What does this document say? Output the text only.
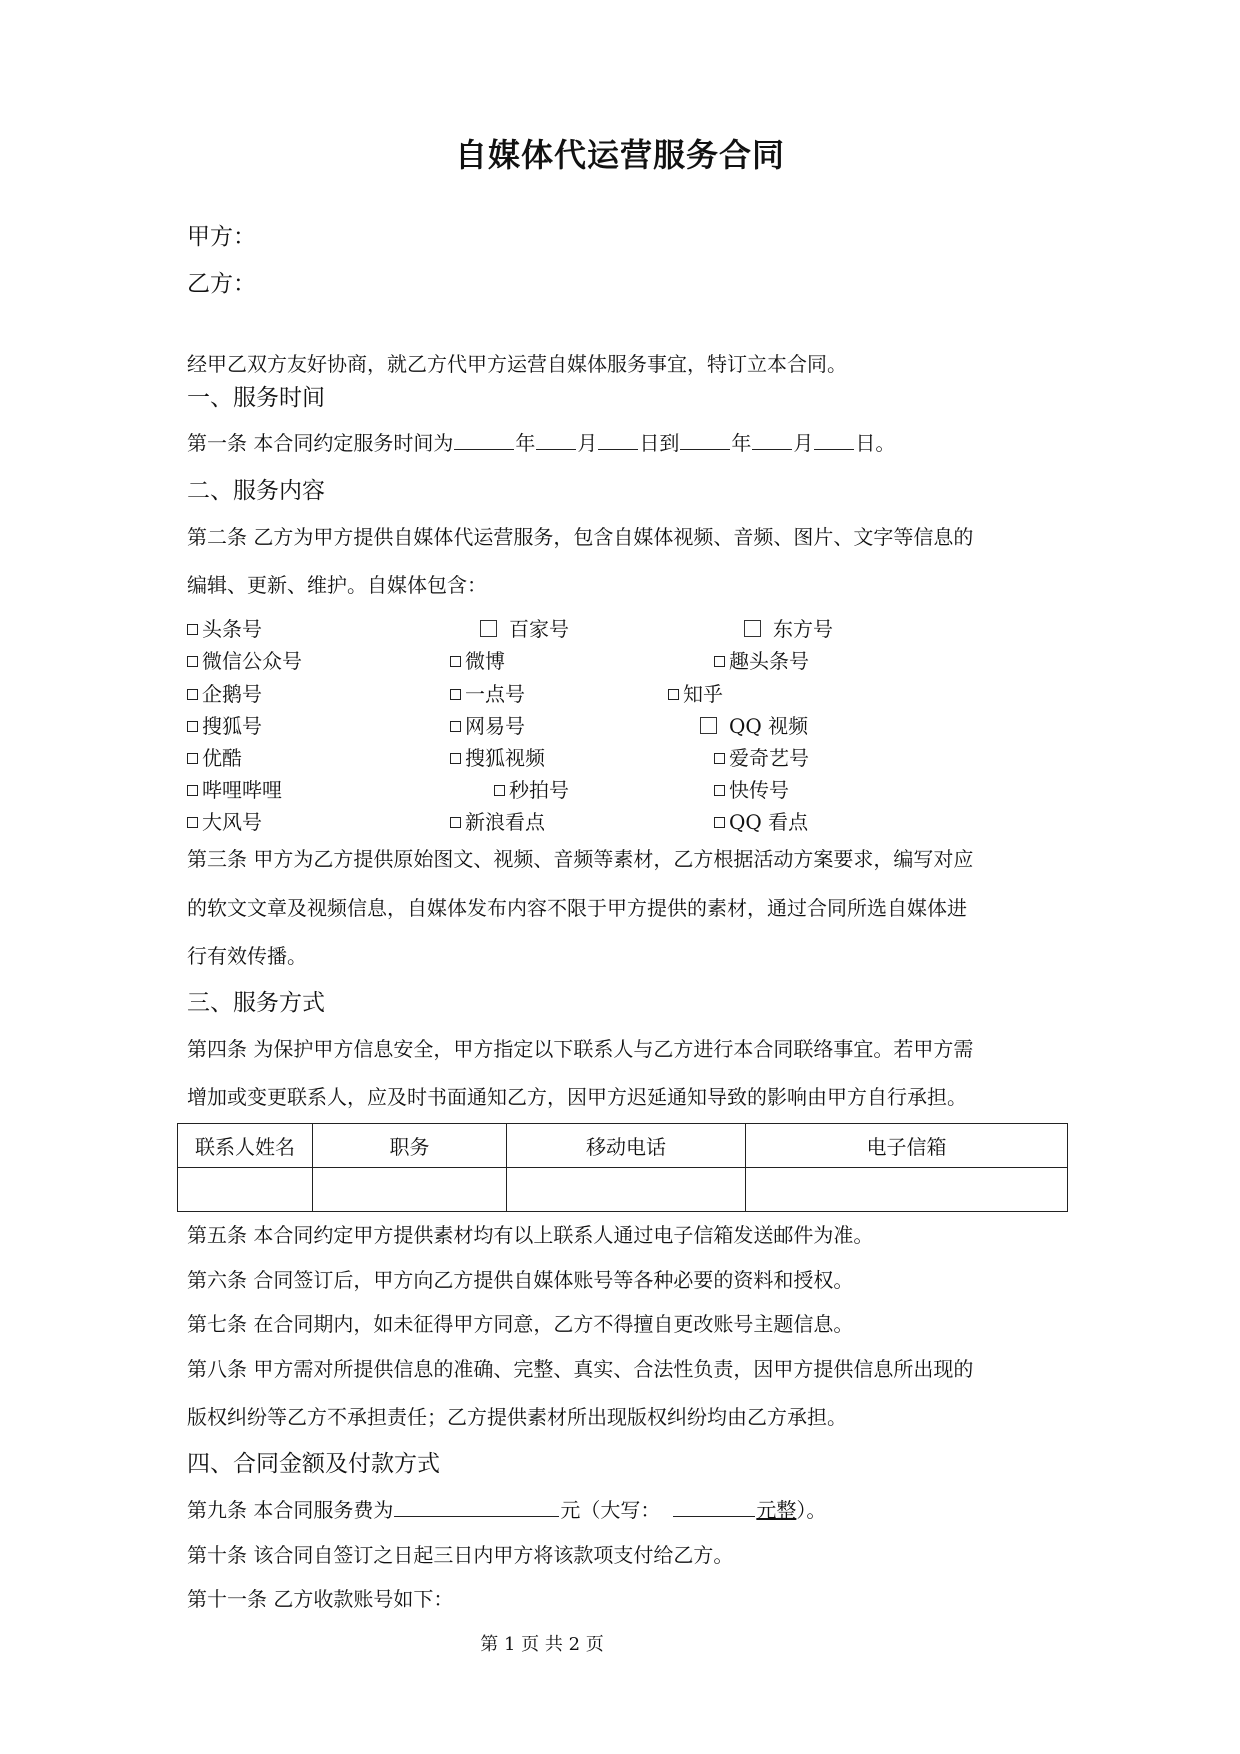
自媒体代运营服务合同
甲方：
乙方：
经甲乙双方友好协商，就乙方代甲方运营自媒体服务事宜，特订立本合同。
一、服务时间
第一条 本合同约定服务时间为	年 月 日到	年 月 日。
二、服务内容
第二条 乙方为甲方提供自媒体代运营服务，包含自媒体视频、音频、图片、文字等信息的
编辑、更新、维护。自媒体包含：
头条号	百家号	东方号
微信公众号	微博	趣头条号
企鹅号	一点号	知乎
搜狐号	网易号	QQ 视频
优酷	搜狐视频	爱奇艺号
哔哩哔哩	秒拍号	快传号
大风号	新浪看点	QQ 看点
第三条 甲方为乙方提供原始图文、视频、音频等素材，乙方根据活动方案要求，编写对应
的软文文章及视频信息，自媒体发布内容不限于甲方提供的素材，通过合同所选自媒体进
行有效传播。
三、服务方式
第四条 为保护甲方信息安全，甲方指定以下联系人与乙方进行本合同联络事宜。若甲方需
增加或变更联系人，应及时书面通知乙方，因甲方迟延通知导致的影响由甲方自行承担。
联系人姓名	职务	移动电话	电子信箱

第五条 本合同约定甲方提供素材均有以上联系人通过电子信箱发送邮件为准。
第六条 合同签订后，甲方向乙方提供自媒体账号等各种必要的资料和授权。
第七条 在合同期内，如未征得甲方同意，乙方不得擅自更改账号主题信息。
第八条 甲方需对所提供信息的准确、完整、真实、合法性负责，因甲方提供信息所出现的
版权纠纷等乙方不承担责任；乙方提供素材所出现版权纠纷均由乙方承担。
四、合同金额及付款方式
第九条 本合同服务费为	元（大写：	元整）。
第十条 该合同自签订之日起三日内甲方将该款项支付给乙方。
第十一条 乙方收款账号如下：
第 1 页 共 2 页
